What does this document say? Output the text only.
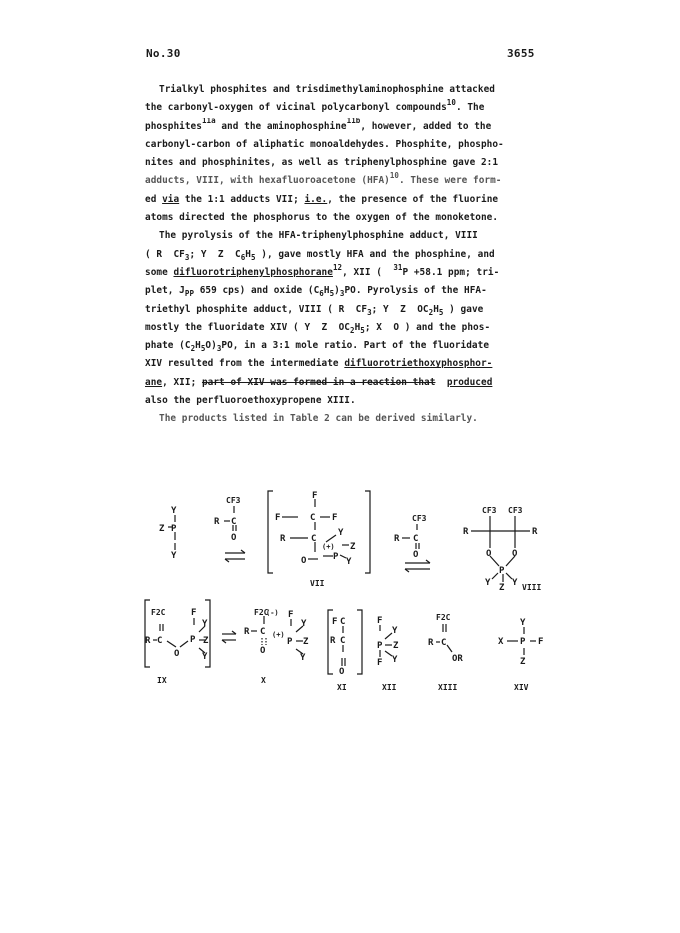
No.30	3655
Trialkyl phosphites and trisdimethylaminophosphine attacked
the carbonyl-oxygen of vicinal polycarbonyl compounds$^{10}$. The
phosphites$^{11a}$ and the aminophosphine$^{11b}$, however, added to the
carbonyl-carbon of aliphatic monoaldehydes. Phosphite, phospho-
nites and phosphinites, as well as triphenylphosphine gave 2:1
adducts, VIII, with hexafluoroacetone (HFA)$^{10}$. These were form-
ed via the 1:1 adducts VII; i.e., the presence of the fluorine
atoms directed the phosphorus to the oxygen of the monoketone.
The pyrolysis of the HFA-triphenylphosphine adduct, VIII
( R  $CF_3$; Y  Z  $C_6H_5$ ), gave mostly HFA and the phosphine, and
some difluorotriphenylphosphorane$^{12}$, XII (  $^{31}$P +58.1 ppm; tri-
plet, $J_{PP}$ 659 cps) and oxide $(C_6H_5)_3PO$. Pyrolysis of the HFA-
triethyl phosphite adduct, VIII ( R  $CF_3$; Y  Z  $OC_2H_5$ ) gave
mostly the fluoridate XIV ( Y  Z  $OC_2H_5$; X  O ) and the phos-
phate $(C_2H_5O)_3PO$, in a 3:1 mole ratio. Part of the fluoridate
XIV resulted from the intermediate difluorotriethoxyphosphor-
ane, XII; part of XIV was formed in a reaction that produced
also the perfluoroethoxypropene XIII.
The products listed in Table 2 can be derived similarly.
Y
P
Z
Y
CF3
R C
O
F
F	C F
R	C
(+)
Y
P
Z
Y
O
VII
CF3
R C
O
CF3 CF3
R	R
O O
P
Y Y
Z VIII
F2C
R C
O
F
P
Y
Z
Y
IX
F2C
(-)
R C (+)
O
F
P
Y
Z
Y
X
F C
R C
O
XI
F
P
Y
Z
Y
F
XII
F2C
R C
OR
XIII
Y
X P F
Z
XIV
